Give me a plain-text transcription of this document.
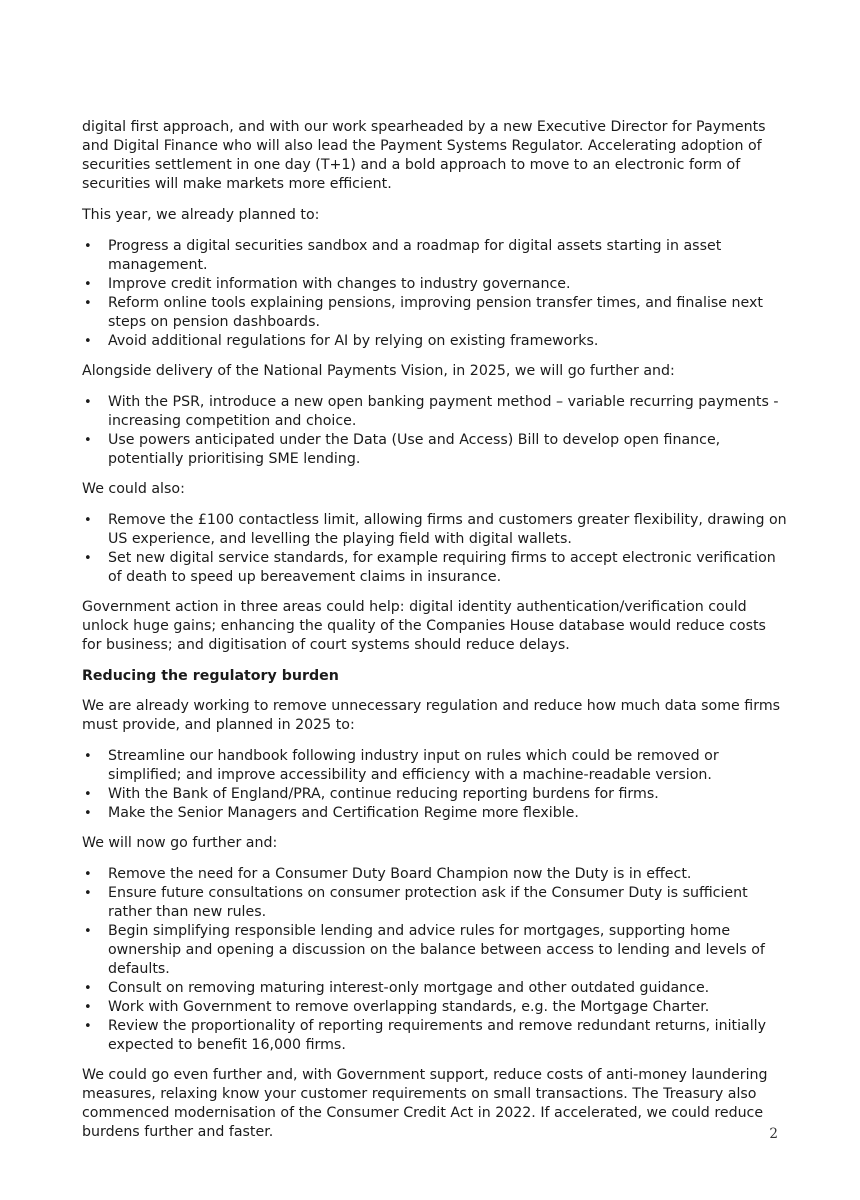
digital first approach, and with our work spearheaded by a new Executive Director for Payments and Digital Finance who will also lead the Payment Systems Regulator. Accelerating adoption of securities settlement in one day (T+1) and a bold approach to move to an electronic form of securities will make markets more efficient.

This year, we already planned to:

• Progress a digital securities sandbox and a roadmap for digital assets starting in asset management.
• Improve credit information with changes to industry governance.
• Reform online tools explaining pensions, improving pension transfer times, and finalise next steps on pension dashboards.
• Avoid additional regulations for AI by relying on existing frameworks.

Alongside delivery of the National Payments Vision, in 2025, we will go further and:

• With the PSR, introduce a new open banking payment method – variable recurring payments - increasing competition and choice.
• Use powers anticipated under the Data (Use and Access) Bill to develop open finance, potentially prioritising SME lending.

We could also:

• Remove the £100 contactless limit, allowing firms and customers greater flexibility, drawing on US experience, and levelling the playing field with digital wallets.
• Set new digital service standards, for example requiring firms to accept electronic verification of death to speed up bereavement claims in insurance.

Government action in three areas could help: digital identity authentication/verification could unlock huge gains; enhancing the quality of the Companies House database would reduce costs for business; and digitisation of court systems should reduce delays.

Reducing the regulatory burden

We are already working to remove unnecessary regulation and reduce how much data some firms must provide, and planned in 2025 to:

• Streamline our handbook following industry input on rules which could be removed or simplified; and improve accessibility and efficiency with a machine-readable version.
• With the Bank of England/PRA, continue reducing reporting burdens for firms.
• Make the Senior Managers and Certification Regime more flexible.

We will now go further and:

• Remove the need for a Consumer Duty Board Champion now the Duty is in effect.
• Ensure future consultations on consumer protection ask if the Consumer Duty is sufficient rather than new rules.
• Begin simplifying responsible lending and advice rules for mortgages, supporting home ownership and opening a discussion on the balance between access to lending and levels of defaults.
• Consult on removing maturing interest-only mortgage and other outdated guidance.
• Work with Government to remove overlapping standards, e.g. the Mortgage Charter.
• Review the proportionality of reporting requirements and remove redundant returns, initially expected to benefit 16,000 firms.

We could go even further and, with Government support, reduce costs of anti-money laundering measures, relaxing know your customer requirements on small transactions. The Treasury also commenced modernisation of the Consumer Credit Act in 2022. If accelerated, we could reduce burdens further and faster.	2
